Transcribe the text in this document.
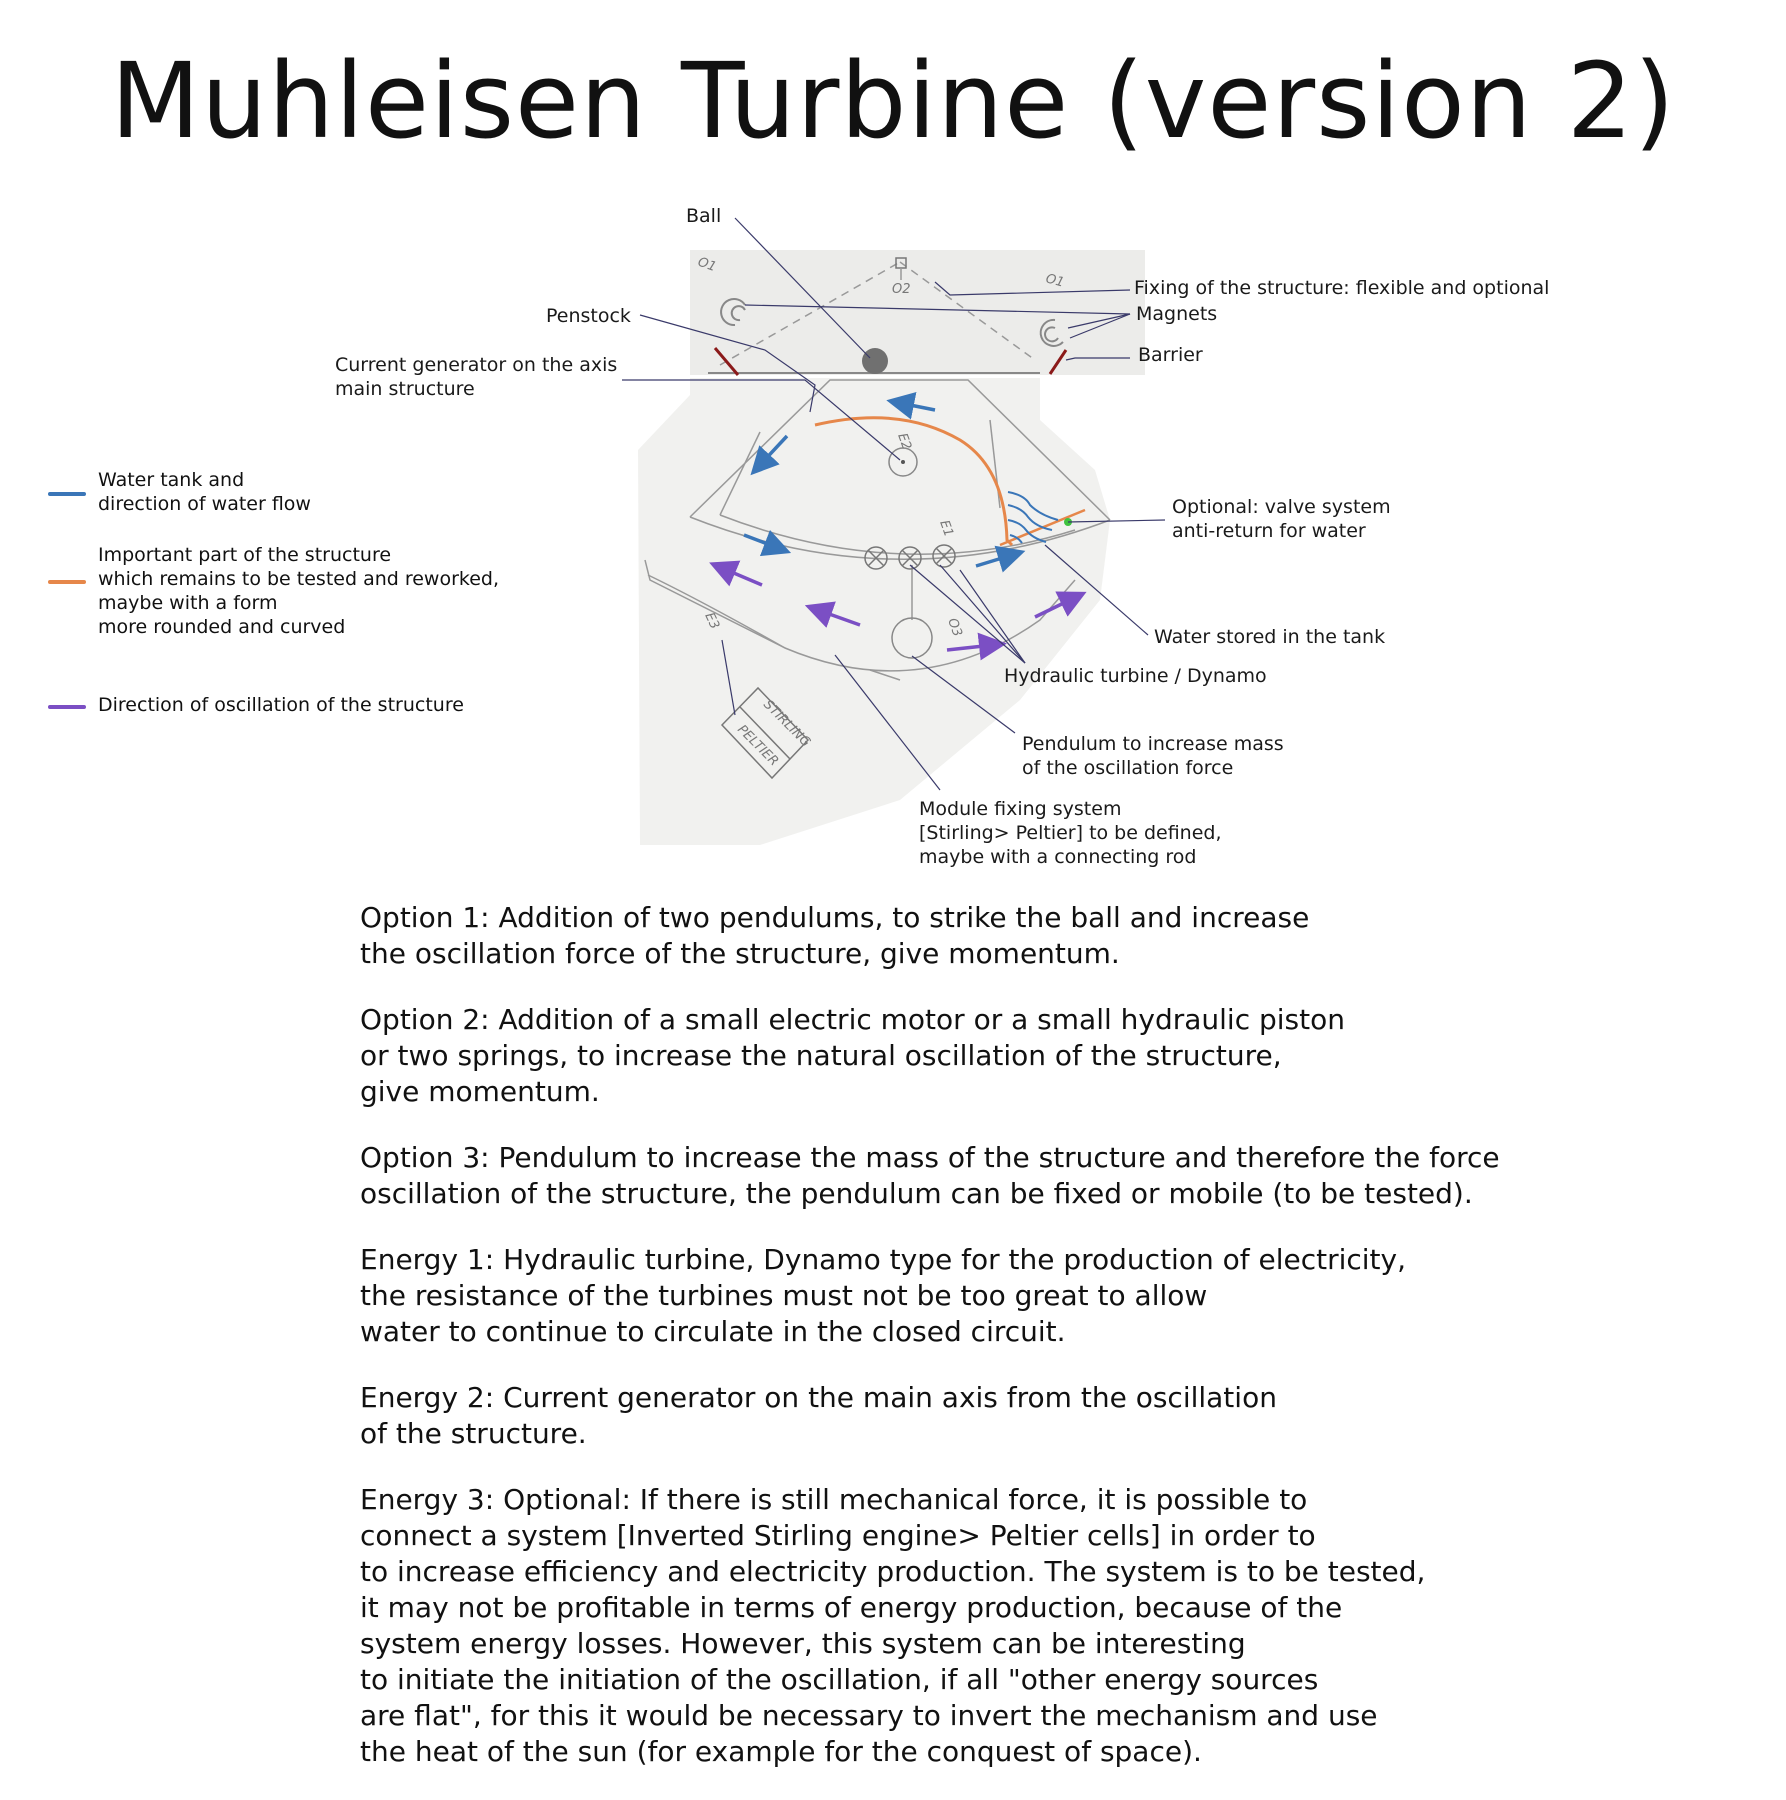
Muhleisen Turbine (version 2)
O1
O2	O1
E2
E1
O3
E3
STIRLING
PELTIER
Ball
Penstock
Current generator on the axis
main structure
Fixing of the structure: flexible and optional
Magnets
Barrier
Optional: valve system
anti-return for water
Water stored in the tank
Hydraulic turbine / Dynamo
Pendulum to increase mass
of the oscillation force
Module fixing system
[Stirling> Peltier] to be defined,
maybe with a connecting rod
Water tank and
direction of water flow
Important part of the structure
which remains to be tested and reworked,
maybe with a form
more rounded and curved
Direction of oscillation of the structure

Option 1: Addition of two pendulums, to strike the ball and increase
the oscillation force of the structure, give momentum.

Option 2: Addition of a small electric motor or a small hydraulic piston
or two springs, to increase the natural oscillation of the structure,
give momentum.

Option 3: Pendulum to increase the mass of the structure and therefore the force
oscillation of the structure, the pendulum can be fixed or mobile (to be tested).

Energy 1: Hydraulic turbine, Dynamo type for the production of electricity,
the resistance of the turbines must not be too great to allow
water to continue to circulate in the closed circuit.

Energy 2: Current generator on the main axis from the oscillation
of the structure.

Energy 3: Optional: If there is still mechanical force, it is possible to
connect a system [Inverted Stirling engine> Peltier cells] in order to
to increase efficiency and electricity production. The system is to be tested,
it may not be profitable in terms of energy production, because of the
system energy losses. However, this system can be interesting
to initiate the initiation of the oscillation, if all "other energy sources
are flat", for this it would be necessary to invert the mechanism and use
the heat of the sun (for example for the conquest of space).
